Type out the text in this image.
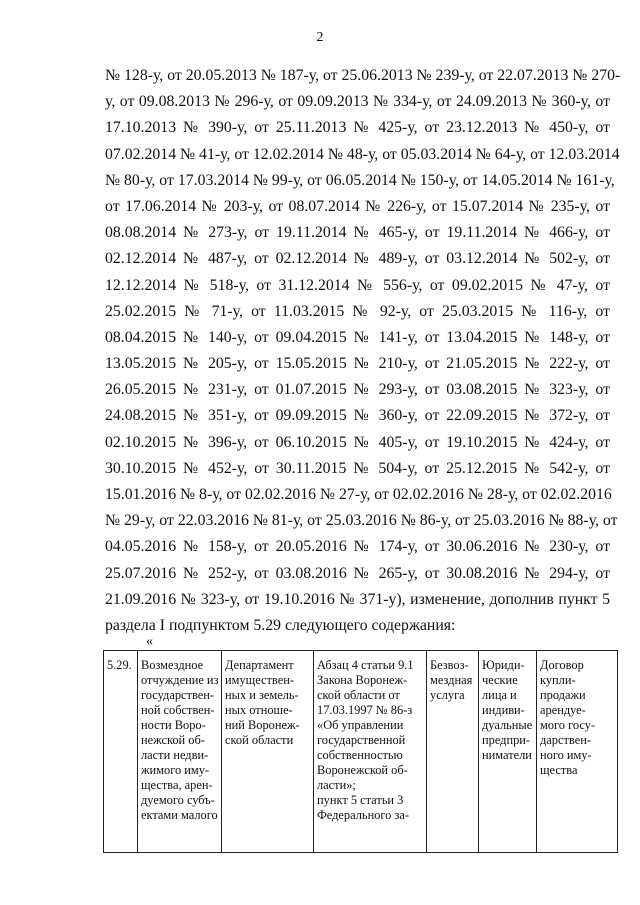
2
№ 128-у, от 20.05.2013 № 187-у, от 25.06.2013 № 239-у, от 22.07.2013 № 270-
у, от 09.08.2013 № 296-у, от 09.09.2013 № 334-у, от 24.09.2013 № 360-у, от
17.10.2013 № 390-у, от 25.11.2013 № 425-у, от 23.12.2013 № 450-у, от
07.02.2014 № 41-у, от 12.02.2014 № 48-у, от 05.03.2014 № 64-у, от 12.03.2014
№ 80-у, от 17.03.2014 № 99-у, от 06.05.2014 № 150-у, от 14.05.2014 № 161-у,
от 17.06.2014 № 203-у, от 08.07.2014 № 226-у, от 15.07.2014 № 235-у, от
08.08.2014 № 273-у, от 19.11.2014 № 465-у, от 19.11.2014 № 466-у, от
02.12.2014 № 487-у, от 02.12.2014 № 489-у, от 03.12.2014 № 502-у, от
12.12.2014 № 518-у, от 31.12.2014 № 556-у, от 09.02.2015 № 47-у, от
25.02.2015 № 71-у, от 11.03.2015 № 92-у, от 25.03.2015 № 116-у, от
08.04.2015 № 140-у, от 09.04.2015 № 141-у, от 13.04.2015 № 148-у, от
13.05.2015 № 205-у, от 15.05.2015 № 210-у, от 21.05.2015 № 222-у, от
26.05.2015 № 231-у, от 01.07.2015 № 293-у, от 03.08.2015 № 323-у, от
24.08.2015 № 351-у, от 09.09.2015 № 360-у, от 22.09.2015 № 372-у, от
02.10.2015 № 396-у, от 06.10.2015 № 405-у, от 19.10.2015 № 424-у, от
30.10.2015 № 452-у, от 30.11.2015 № 504-у, от 25.12.2015 № 542-у, от
15.01.2016 № 8-у, от 02.02.2016 № 27-у, от 02.02.2016 № 28-у, от 02.02.2016
№ 29-у, от 22.03.2016 № 81-у, от 25.03.2016 № 86-у, от 25.03.2016 № 88-у, от
04.05.2016 № 158-у, от 20.05.2016 № 174-у, от 30.06.2016 № 230-у, от
25.07.2016 № 252-у, от 03.08.2016 № 265-у, от 30.08.2016 № 294-у, от
21.09.2016 № 323-у, от 19.10.2016 № 371-у), изменение, дополнив пункт 5
раздела I подпунктом 5.29 следующего содержания:
«
5.29.	Возмездное
отчуждение из
государствен-
ной собствен-
ности Воро-
нежской об-
ласти недви-
жимого иму-
щества, арен-
дуемого субъ-
ектами малого

Департамент
имуществен-
ных и земель-
ных отноше-
ний Воронеж-
ской области

Абзац 4 статьи 9.1
Закона Воронеж-
ской области от
17.03.1997 № 86-з
«Об управлении
государственной
собственностью
Воронежской об-
ласти»;
пункт 5 статьи 3
Федерального за-

Безвоз-
мездная
услуга

Юриди-
ческие
лица и
индиви-
дуальные
предпри-
ниматели

Договор
купли-
продажи
арендуе-
мого госу-
дарствен-
ного иму-
щества
